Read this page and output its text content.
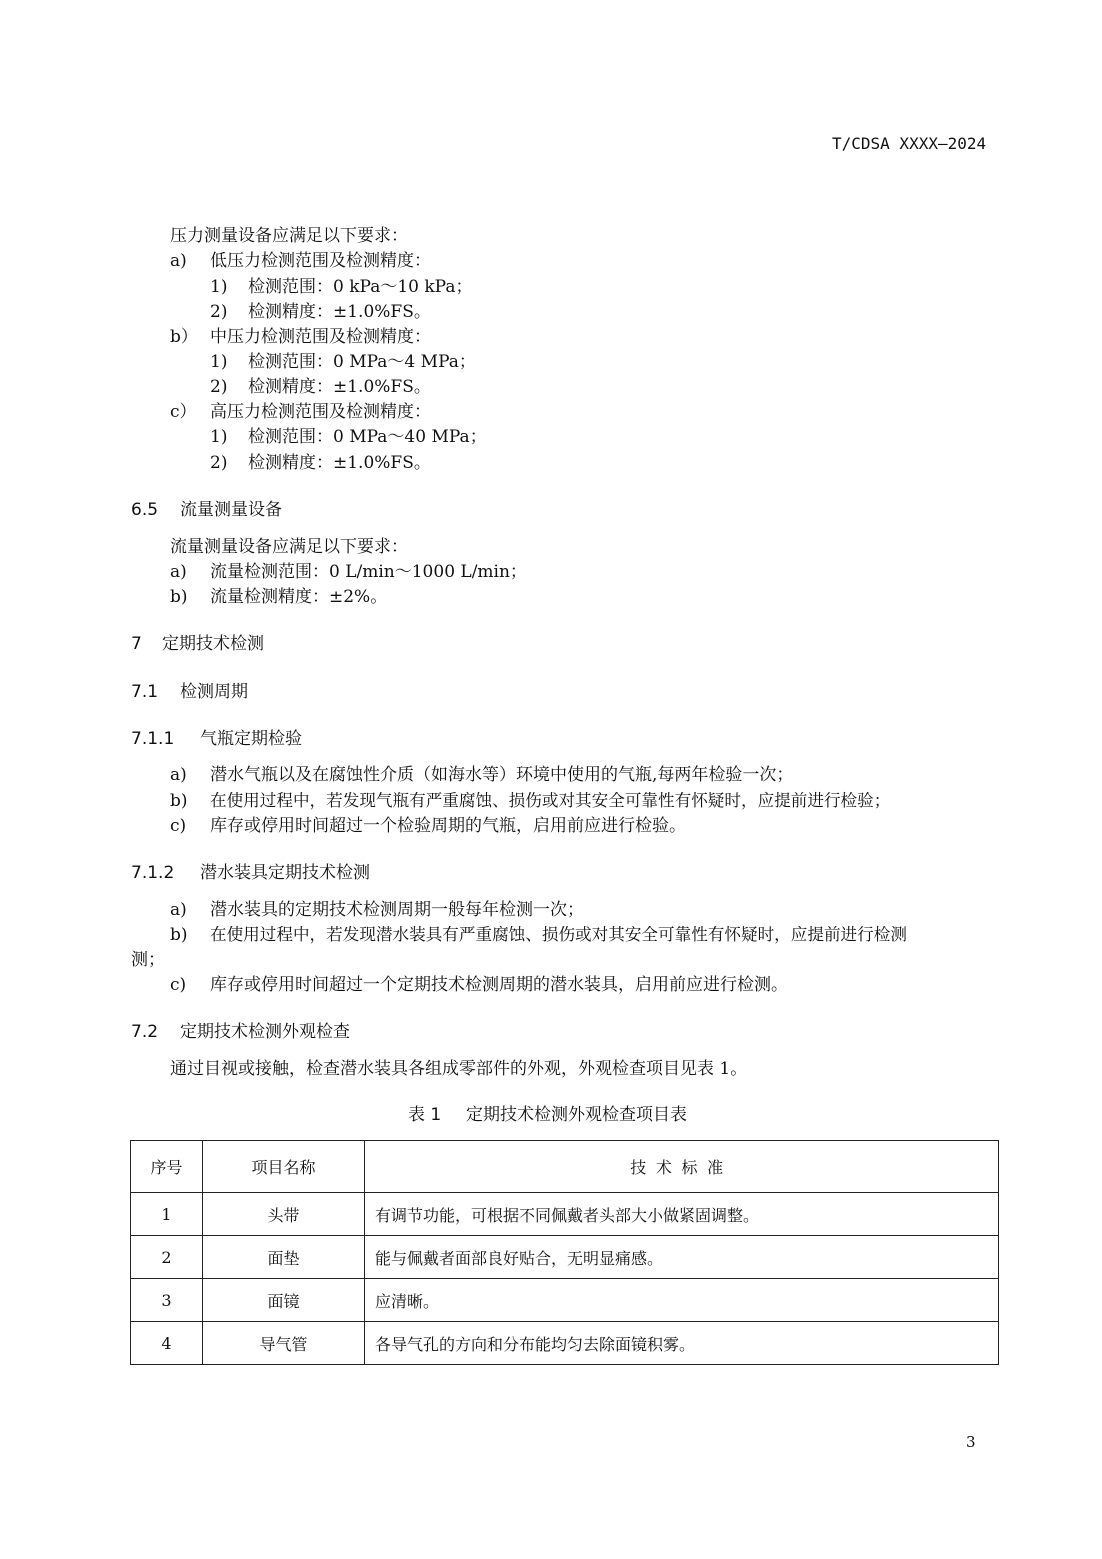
T/CDSA XXXX—2024
压力测量设备应满足以下要求：
a) 低压力检测范围及检测精度：
1) 检测范围：0 kPa～10 kPa；
2) 检测精度：±1.0%FS。
b） 中压力检测范围及检测精度：
1) 检测范围：0 MPa～4 MPa；
2) 检测精度：±1.0%FS。
c） 高压力检测范围及检测精度：
1) 检测范围：0 MPa～40 MPa；
2) 检测精度：±1.0%FS。
6.5 流量测量设备
流量测量设备应满足以下要求：
a) 流量检测范围：0 L/min～1000 L/min；
b) 流量检测精度：±2%。
7 定期技术检测
7.1 检测周期
7.1.1 气瓶定期检验
a) 潜水气瓶以及在腐蚀性介质（如海水等）环境中使用的气瓶,每两年检验一次；
b) 在使用过程中，若发现气瓶有严重腐蚀、损伤或对其安全可靠性有怀疑时，应提前进行检验；
c) 库存或停用时间超过一个检验周期的气瓶，启用前应进行检验。
7.1.2 潜水装具定期技术检测
a) 潜水装具的定期技术检测周期一般每年检测一次；
b) 在使用过程中，若发现潜水装具有严重腐蚀、损伤或对其安全可靠性有怀疑时，应提前进行检测
测；
c) 库存或停用时间超过一个定期技术检测周期的潜水装具，启用前应进行检测。
7.2 定期技术检测外观检查
通过目视或接触，检查潜水装具各组成零部件的外观，外观检查项目见表 1。
表 1 定期技术检测外观检查项目表
序号	项目名称	技术标准
1	头带	有调节功能，可根据不同佩戴者头部大小做紧固调整。
2	面垫	能与佩戴者面部良好贴合，无明显痛感。
3	面镜	应清晰。
4	导气管	各导气孔的方向和分布能均匀去除面镜积雾。
3
